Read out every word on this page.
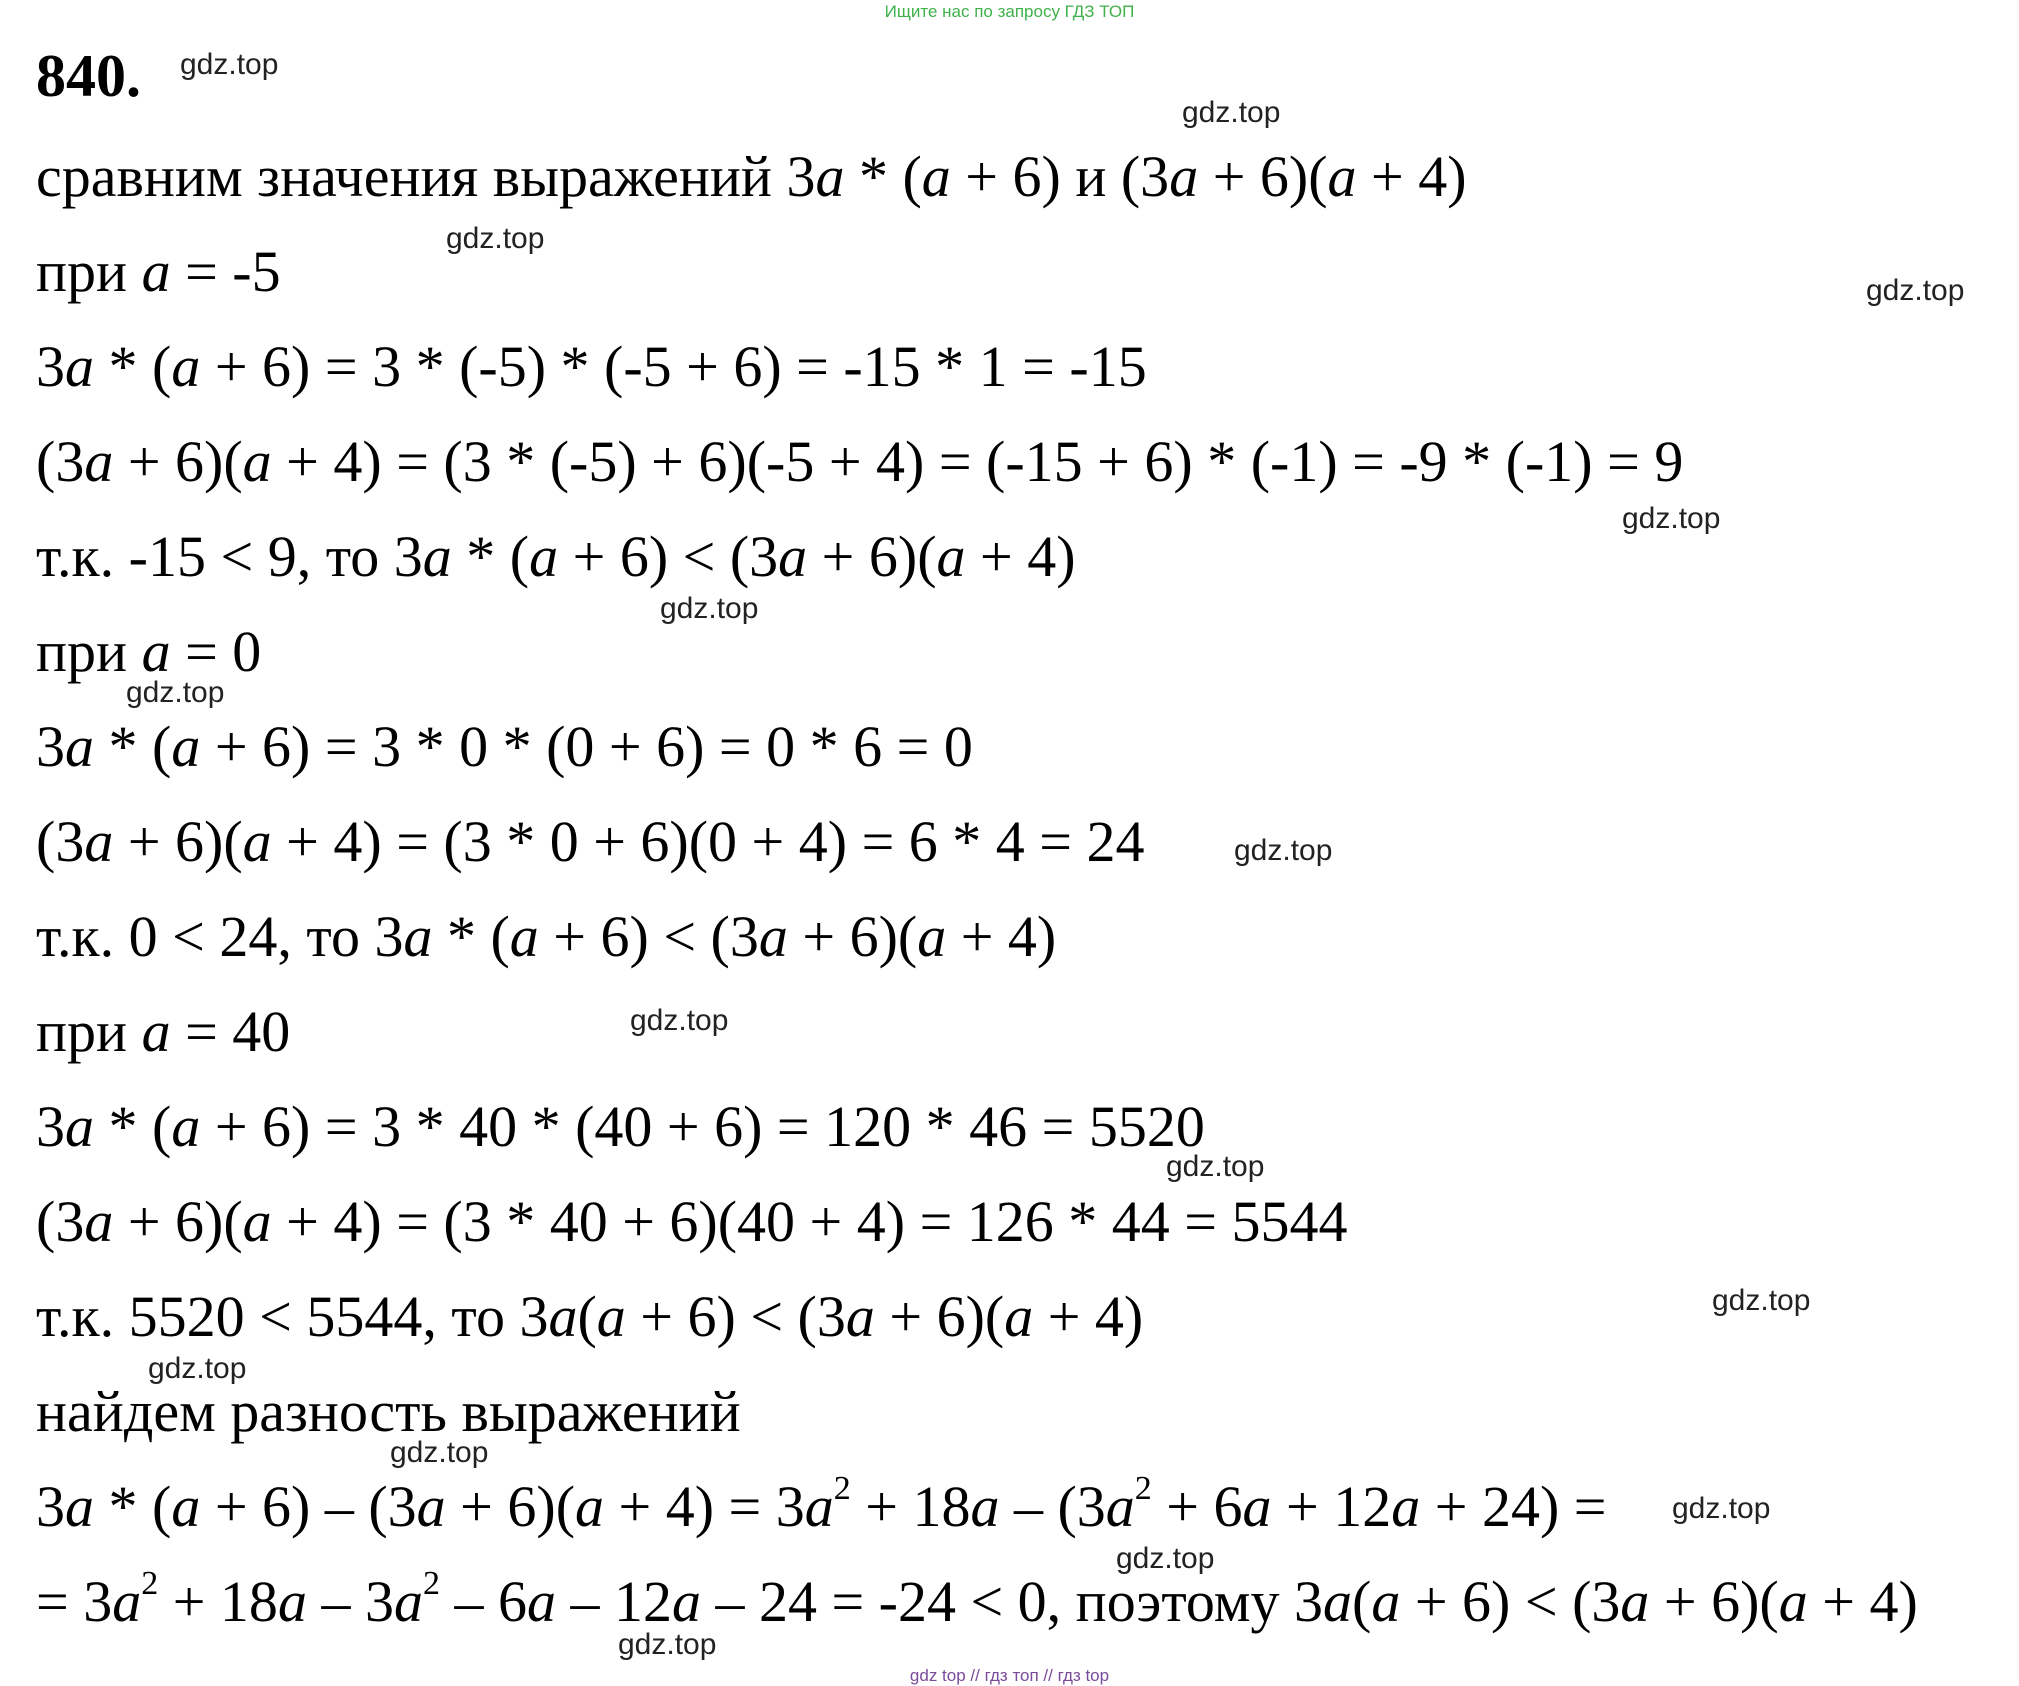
Ищите нас по запросу ГДЗ ТОП
840.
сравним значения выражений 3a * (a + 6) и (3a + 6)(a + 4)
при a = -5
3a * (a + 6) = 3 * (-5) * (-5 + 6) = -15 * 1 = -15
(3a + 6)(a + 4) = (3 * (-5) + 6)(-5 + 4) = (-15 + 6) * (-1) = -9 * (-1) = 9
т.к. -15 < 9, то 3a * (a + 6) < (3a + 6)(a + 4)
при a = 0
3a * (a + 6) = 3 * 0 * (0 + 6) = 0 * 6 = 0
(3a + 6)(a + 4) = (3 * 0 + 6)(0 + 4) = 6 * 4 = 24
т.к. 0 < 24, то 3a * (a + 6) < (3a + 6)(a + 4)
при a = 40
3a * (a + 6) = 3 * 40 * (40 + 6) = 120 * 46 = 5520
(3a + 6)(a + 4) = (3 * 40 + 6)(40 + 4) = 126 * 44 = 5544
т.к. 5520 < 5544, то 3a(a + 6) < (3a + 6)(a + 4)
найдем разность выражений
$3a * (a + 6) - (3a + 6)(a + 4) = 3a^2 + 18a - (3a^2 + 6a + 12a + 24)$ =
= $3a^2 + 18a - 3a^2 - 6a - 12a - 24 = -24 < 0$, поэтому 3a(a + 6) < (3a + 6)(a + 4)
gdz.top
gdz.top
gdz.top
gdz.top
gdz.top
gdz.top
gdz.top
gdz.top
gdz.top
gdz.top
gdz.top
gdz.top
gdz.top
gdz.top
gdz.top
gdz.top
gdz top // гдз топ // гдз top
